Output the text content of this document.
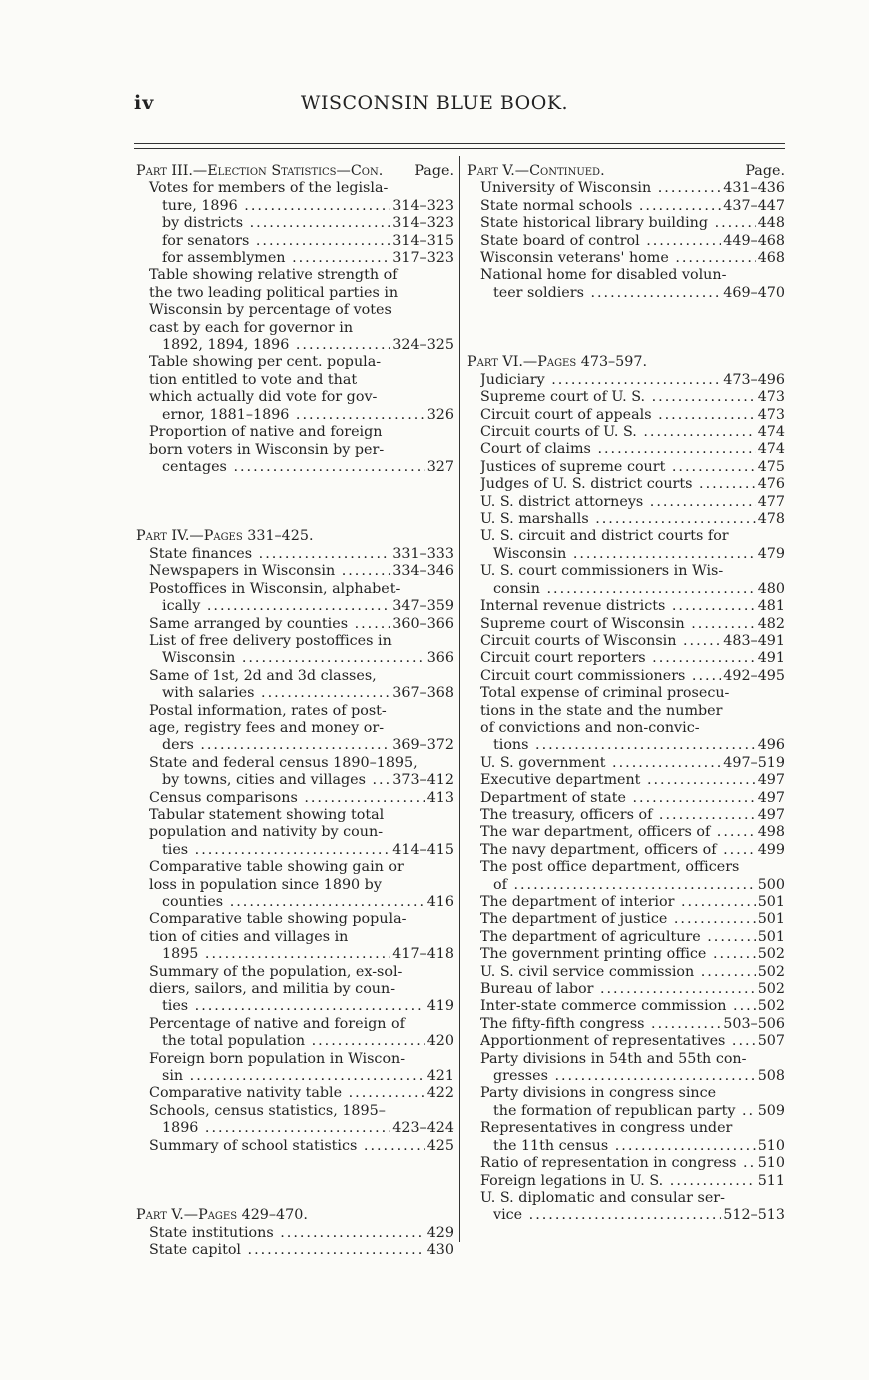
iv	WISCONSIN BLUE BOOK.
Part III.—Election Statistics—Con. Page.
Votes for members of the legisla-
ture, 1896 .....	314–323
by districts .....	314–323
for senators .....	314–315
for assemblymen .....	317–323
Table showing relative strength of
the two leading political parties in
Wisconsin by percentage of votes
cast by each for governor in
1892, 1894, 1896 .....	324–325
Table showing per cent. popula-
tion entitled to vote and that
which actually did vote for gov-
ernor, 1881–1896 .....	326
Proportion of native and foreign
born voters in Wisconsin by per-
centages .....	327
Part IV.—Pages 331–425.
State finances .....	331–333
Newspapers in Wisconsin .....	334–346
Postoffices in Wisconsin, alphabet-
ically .....	347–359
Same arranged by counties .....	360–366
List of free delivery postoffices in
Wisconsin .....	366
Same of 1st, 2d and 3d classes,
with salaries .....	367–368
Postal information, rates of post-
age, registry fees and money or-
ders .....	369–372
State and federal census 1890–1895,
by towns, cities and villages .....	373–412
Census comparisons .....	413
Tabular statement showing total
population and nativity by coun-
ties .....	414–415
Comparative table showing gain or
loss in population since 1890 by
counties .....	416
Comparative table showing popula-
tion of cities and villages in
1895 .....	417–418
Summary of the population, ex-sol-
diers, sailors, and militia by coun-
ties .....	419
Percentage of native and foreign of
the total population .....	420
Foreign born population in Wiscon-
sin .....	421
Comparative nativity table .....	422
Schools, census statistics, 1895–
1896 .....	423–424
Summary of school statistics .....	425
Part V.—Pages 429–470.
State institutions .....	429
State capitol .....	430
Part V.—Continued.	Page.
University of Wisconsin .....	431–436
State normal schools .....	437–447
State historical library building .....	448
State board of control .....	449–468
Wisconsin veterans' home .....	468
National home for disabled volun-
teer soldiers .....	469–470
Part VI.—Pages 473–597.
Judiciary .....	473–496
Supreme court of U. S. .....	473
Circuit court of appeals .....	473
Circuit courts of U. S. .....	474
Court of claims .....	474
Justices of supreme court .....	475
Judges of U. S. district courts .....	476
U. S. district attorneys .....	477
U. S. marshalls .....	478
U. S. circuit and district courts for
Wisconsin .....	479
U. S. court commissioners in Wis-
consin .....	480
Internal revenue districts .....	481
Supreme court of Wisconsin .....	482
Circuit courts of Wisconsin .....	483–491
Circuit court reporters .....	491
Circuit court commissioners .....	492–495
Total expense of criminal prosecu-
tions in the state and the number
of convictions and non-convic-
tions .....	496
U. S. government .....	497–519
Executive department .....	497
Department of state .....	497
The treasury, officers of .....	497
The war department, officers of .....	498
The navy department, officers of .....	499
The post office department, officers
of .....	500
The department of interior .....	501
The department of justice .....	501
The department of agriculture .....	501
The government printing office .....	502
U. S. civil service commission .....	502
Bureau of labor .....	502
Inter-state commerce commission .....	502
The fifty-fifth congress .....	503–506
Apportionment of representatives .....	507
Party divisions in 54th and 55th con-
gresses .....	508
Party divisions in congress since
the formation of republican party .....	509
Representatives in congress under
the 11th census .....	510
Ratio of representation in congress .....	510
Foreign legations in U. S. .....	511
U. S. diplomatic and consular ser-
vice .....	512–513
